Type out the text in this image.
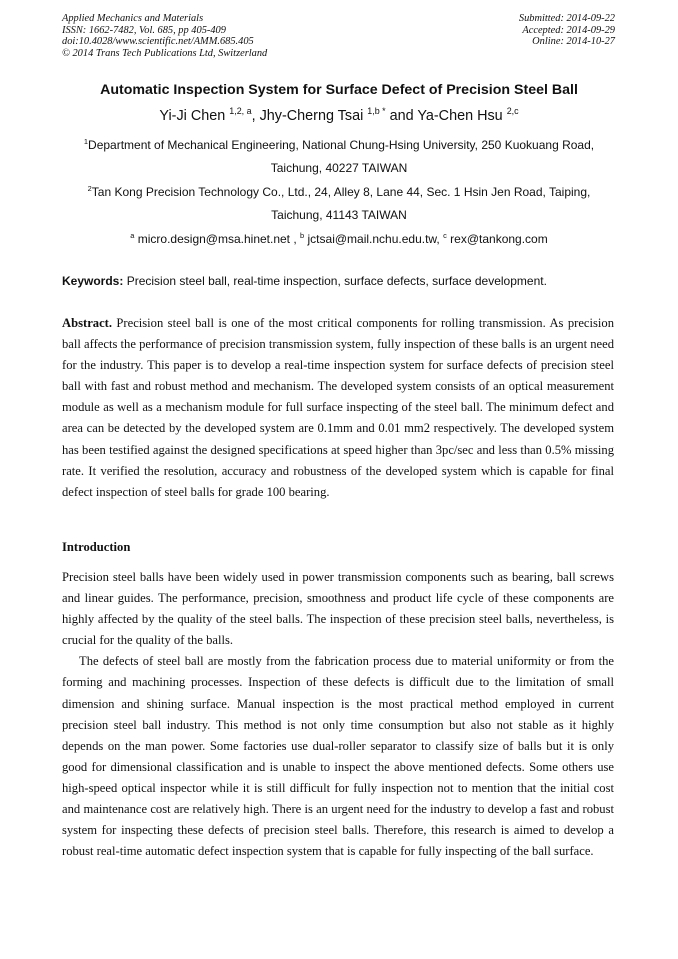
Applied Mechanics and Materials
ISSN: 1662-7482, Vol. 685, pp 405-409
doi:10.4028/www.scientific.net/AMM.685.405
© 2014 Trans Tech Publications Ltd, Switzerland
Submitted: 2014-09-22
Accepted: 2014-09-29
Online: 2014-10-27
Automatic Inspection System for Surface Defect of Precision Steel Ball
Yi-Ji Chen $^{1,2, a}$, Jhy-Cherng Tsai $^{1,b *}$ and Ya-Chen Hsu $^{2,c}$
$^1$Department of Mechanical Engineering, National Chung-Hsing University, 250 Kuokuang Road, Taichung, 40227 TAIWAN
$^2$Tan Kong Precision Technology Co., Ltd., 24, Alley 8, Lane 44, Sec. 1 Hsin Jen Road, Taiping, Taichung, 41143 TAIWAN
$^a$ micro.design@msa.hinet.net , $^b$ jctsai@mail.nchu.edu.tw, $^c$ rex@tankong.com
Keywords: Precision steel ball, real-time inspection, surface defects, surface development.
Abstract. Precision steel ball is one of the most critical components for rolling transmission. As precision ball affects the performance of precision transmission system, fully inspection of these balls is an urgent need for the industry. This paper is to develop a real-time inspection system for surface defects of precision steel ball with fast and robust method and mechanism. The developed system consists of an optical measurement module as well as a mechanism module for full surface inspecting of the steel ball. The minimum defect and area can be detected by the developed system are 0.1mm and 0.01 mm2 respectively. The developed system has been testified against the designed specifications at speed higher than 3pc/sec and less than 0.5% missing rate. It verified the resolution, accuracy and robustness of the developed system which is capable for final defect inspection of steel balls for grade 100 bearing.
Introduction

Precision steel balls have been widely used in power transmission components such as bearing, ball screws and linear guides. The performance, precision, smoothness and product life cycle of these components are highly affected by the quality of the steel balls. The inspection of these precision steel balls, nevertheless, is crucial for the quality of the balls.

The defects of steel ball are mostly from the fabrication process due to material uniformity or from the forming and machining processes. Inspection of these defects is difficult due to the limitation of small dimension and shining surface. Manual inspection is the most practical method employed in current precision steel ball industry. This method is not only time consumption but also not stable as it highly depends on the man power. Some factories use dual-roller separator to classify size of balls but it is only good for dimensional classification and is unable to inspect the above mentioned defects. Some others use high-speed optical inspector while it is still difficult for fully inspection not to mention that the initial cost and maintenance cost are relatively high. There is an urgent need for the industry to develop a fast and robust system for inspecting these defects of precision steel balls. Therefore, this research is aimed to develop a robust real-time automatic defect inspection system that is capable for fully inspecting of the ball surface.
